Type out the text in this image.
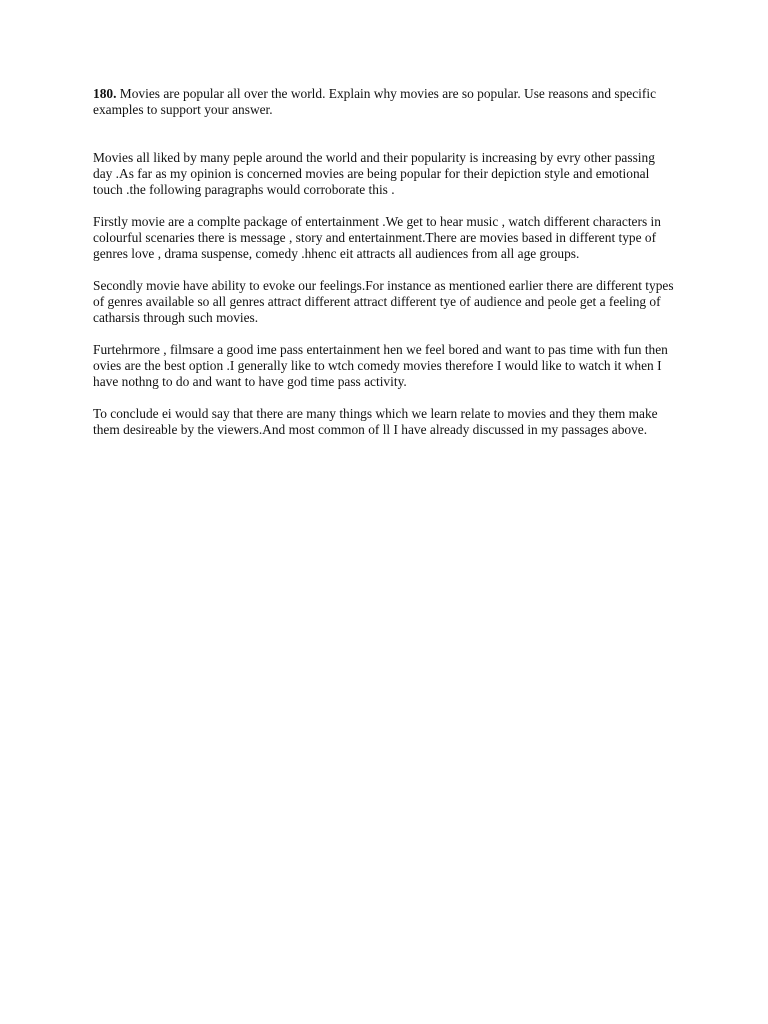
180. Movies are popular all over the world. Explain why movies are so popular. Use reasons and specific examples to support your answer.

Movies all liked by many peple around the world and their popularity is increasing by evry other passing day .As far as my opinion is concerned movies are being popular for their depiction style and emotional touch .the following paragraphs would corroborate this .

Firstly movie are a complte package of entertainment .We get to hear music , watch different characters in colourful scenaries there is message , story and entertainment.There are movies based in different type of genres love , drama suspense, comedy .hhenc eit attracts all audiences from all age groups.

Secondly movie have ability to evoke our feelings.For instance as mentioned earlier there are different types of genres available so all genres attract different attract different tye of audience and peole get a feeling of catharsis through such movies.

Furtehrmore , filmsare a good ime pass entertainment hen we feel bored and want to pas time with fun then ovies are the best option .I generally like to wtch comedy movies therefore I would like to watch it when I have nothng to do and want to have god time pass activity.

To conclude ei would say that there are many things which we learn relate to movies and they them make them desireable by the viewers.And most common of ll I have already discussed in my passages above.
